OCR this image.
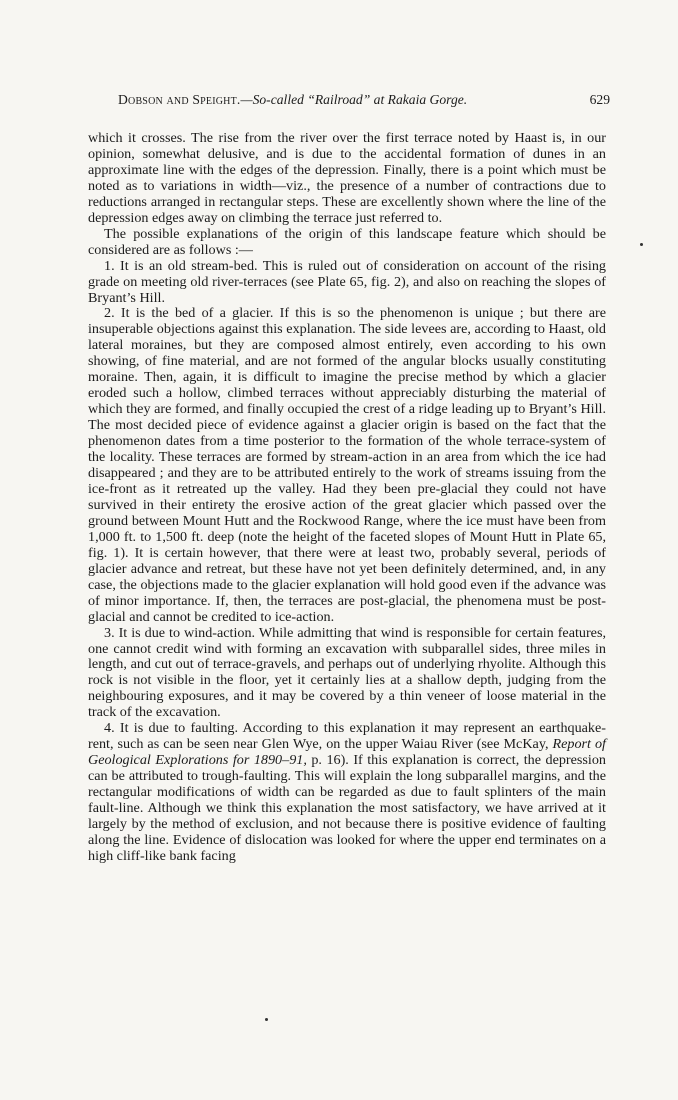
Dobson and Speight.—So-called “Railroad” at Rakaia Gorge.	629

which it crosses. The rise from the river over the first terrace noted by Haast is, in our opinion, somewhat delusive, and is due to the accidental formation of dunes in an approximate line with the edges of the depression. Finally, there is a point which must be noted as to variations in width—viz., the presence of a number of contractions due to reductions arranged in rectangular steps. These are excellently shown where the line of the depression edges away on climbing the terrace just referred to.

The possible explanations of the origin of this landscape feature which should be considered are as follows :—

1. It is an old stream-bed. This is ruled out of consideration on account of the rising grade on meeting old river-terraces (see Plate 65, fig. 2), and also on reaching the slopes of Bryant’s Hill.

2. It is the bed of a glacier. If this is so the phenomenon is unique ; but there are insuperable objections against this explanation. The side levees are, according to Haast, old lateral moraines, but they are composed almost entirely, even according to his own showing, of fine material, and are not formed of the angular blocks usually constituting moraine. Then, again, it is difficult to imagine the precise method by which a glacier eroded such a hollow, climbed terraces without appreciably disturbing the material of which they are formed, and finally occupied the crest of a ridge leading up to Bryant’s Hill. The most decided piece of evidence against a glacier origin is based on the fact that the phenomenon dates from a time posterior to the formation of the whole terrace-system of the locality. These terraces are formed by stream-action in an area from which the ice had disappeared ; and they are to be attributed entirely to the work of streams issuing from the ice-front as it retreated up the valley. Had they been pre-glacial they could not have survived in their entirety the erosive action of the great glacier which passed over the ground between Mount Hutt and the Rockwood Range, where the ice must have been from 1,000 ft. to 1,500 ft. deep (note the height of the faceted slopes of Mount Hutt in Plate 65, fig. 1). It is certain however, that there were at least two, probably several, periods of glacier advance and retreat, but these have not yet been definitely determined, and, in any case, the objections made to the glacier explanation will hold good even if the advance was of minor importance. If, then, the terraces are post-glacial, the phenomena must be post-glacial and cannot be credited to ice-action.

3. It is due to wind-action. While admitting that wind is responsible for certain features, one cannot credit wind with forming an excavation with subparallel sides, three miles in length, and cut out of terrace-gravels, and perhaps out of underlying rhyolite. Although this rock is not visible in the floor, yet it certainly lies at a shallow depth, judging from the neighbouring exposures, and it may be covered by a thin veneer of loose material in the track of the excavation.

4. It is due to faulting. According to this explanation it may represent an earthquake-rent, such as can be seen near Glen Wye, on the upper Waiau River (see McKay, Report of Geological Explorations for 1890–91, p. 16). If this explanation is correct, the depression can be attributed to trough-faulting. This will explain the long subparallel margins, and the rectangular modifications of width can be regarded as due to fault splinters of the main fault-line. Although we think this explanation the most satisfactory, we have arrived at it largely by the method of exclusion, and not because there is positive evidence of faulting along the line. Evidence of dislocation was looked for where the upper end terminates on a high cliff-like bank facing
